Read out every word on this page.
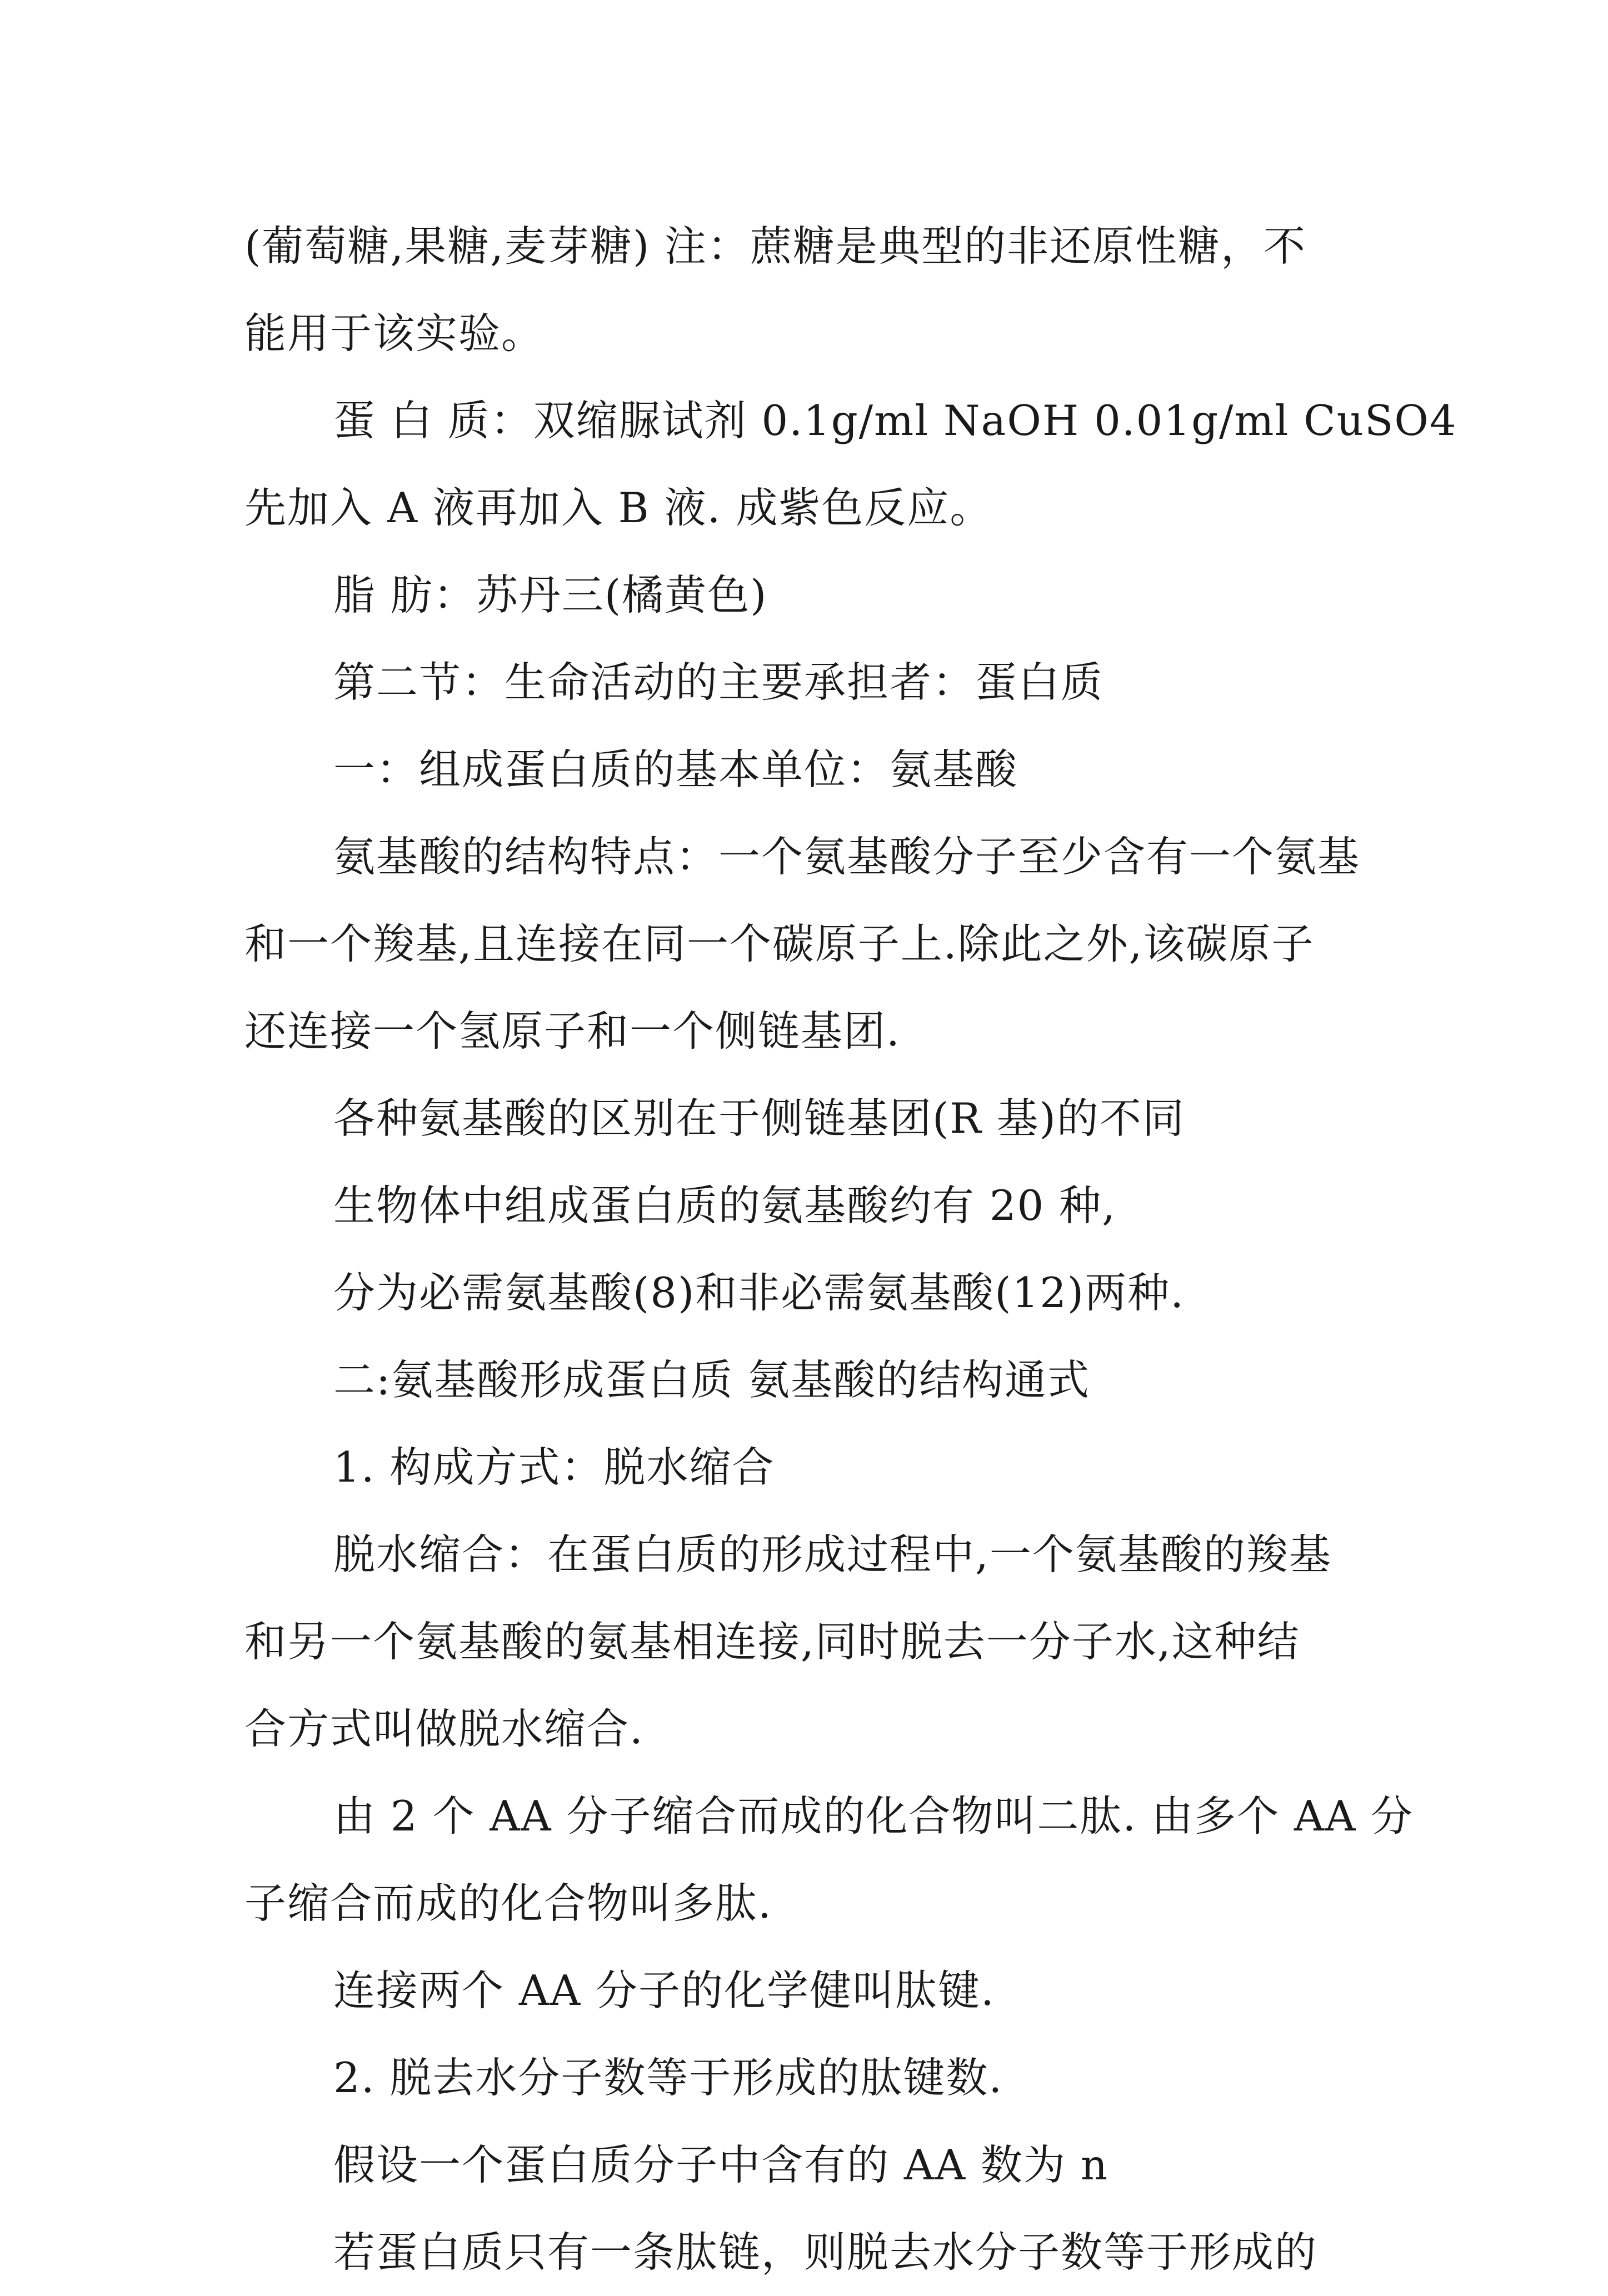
(葡萄糖,果糖,麦芽糖) 注：蔗糖是典型的非还原性糖，不
能用于该实验。

蛋 白 质：双缩脲试剂 0.1g/ml NaOH 0.01g/ml CuSO4
先加入 A 液再加入 B 液. 成紫色反应。

脂 肪：苏丹三(橘黄色)

第二节：生命活动的主要承担者：蛋白质

一：组成蛋白质的基本单位：氨基酸

氨基酸的结构特点：一个氨基酸分子至少含有一个氨基
和一个羧基,且连接在同一个碳原子上.除此之外,该碳原子
还连接一个氢原子和一个侧链基团.

各种氨基酸的区别在于侧链基团(R 基)的不同

生物体中组成蛋白质的氨基酸约有 20 种,

分为必需氨基酸(8)和非必需氨基酸(12)两种.

二:氨基酸形成蛋白质 氨基酸的结构通式

1. 构成方式：脱水缩合

脱水缩合：在蛋白质的形成过程中,一个氨基酸的羧基
和另一个氨基酸的氨基相连接,同时脱去一分子水,这种结
合方式叫做脱水缩合.

由 2 个 AA 分子缩合而成的化合物叫二肽. 由多个 AA 分
子缩合而成的化合物叫多肽.

连接两个 AA 分子的化学健叫肽键.

2. 脱去水分子数等于形成的肽键数.

假设一个蛋白质分子中含有的 AA 数为 n

若蛋白质只有一条肽链，则脱去水分子数等于形成的
